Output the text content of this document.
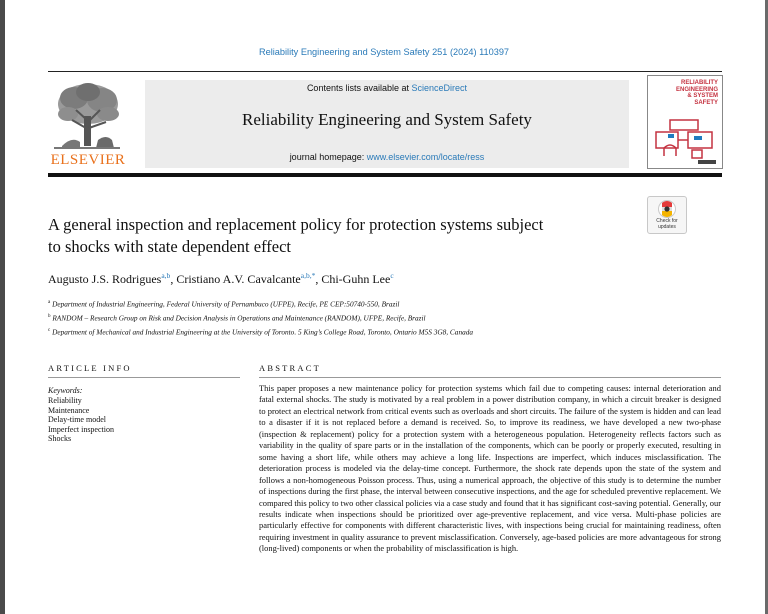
Reliability Engineering and System Safety 251 (2024) 110397
ELSEVIER
Contents lists available at ScienceDirect
Reliability Engineering and System Safety
journal homepage: www.elsevier.com/locate/ress
RELIABILITY
ENGINEERING
& SYSTEM
SAFETY
A general inspection and replacement policy for protection systems subject
to shocks with state dependent effect
Check for
updates
Augusto J.S. Rodrigues$^{a,b}$, Cristiano A.V. Cavalcante$^{a,b,*}$, Chi-Guhn Lee$^c$
$^a$ Department of Industrial Engineering, Federal University of Pernambuco (UFPE), Recife, PE CEP:50740-550, Brazil
$^b$ RANDOM – Research Group on Risk and Decision Analysis in Operations and Maintenance (RANDOM), UFPE, Recife, Brazil
$^c$ Department of Mechanical and Industrial Engineering at the University of Toronto. 5 King’s College Road, Toronto, Ontario M5S 3G8, Canada
ARTICLE INFO
Keywords:
Reliability
Maintenance
Delay-time model
Imperfect inspection
Shocks
ABSTRACT
This paper proposes a new maintenance policy for protection systems which fail due to competing causes: internal deterioration and fatal external shocks. The study is motivated by a real problem in a power distribution company, in which a circuit breaker is designed to protect an electrical network from critical events such as overloads and short circuits. The failure of the system is hidden and can lead to a disaster if it is not replaced before a demand is received. So, to improve its readiness, we have developed a new two-phase (inspection & replacement) policy for a protection system with a heterogeneous population. Heterogeneity reflects factors such as variability in the quality of spare parts or in the installation of the components, which can be poorly or properly executed, resulting in some having a short life, while others may achieve a long life. Inspections are imperfect, which induces misclassification. The deterioration process is modeled via the delay-time concept. Furthermore, the shock rate depends upon the state of the system and follows a non-homogeneous Poisson process. Thus, using a numerical approach, the objective of this study is to determine the number of inspections during the first phase, the interval between consecutive inspections, and the age for scheduled preventive replacement. We compared this policy to two other classical policies via a case study and found that it has significant cost-saving potential. Generally, our results indicate when inspections should be prioritized over age-preventive replacement, and vice versa. Multi-phase policies are particularly effective for components with different characteristic lives, with inspections being crucial for maintaining readiness, often requiring investment in quality assurance to prevent misclassification. Conversely, age-based policies are more advantageous for strong (long-lived) components or when the probability of misclassification is high.
